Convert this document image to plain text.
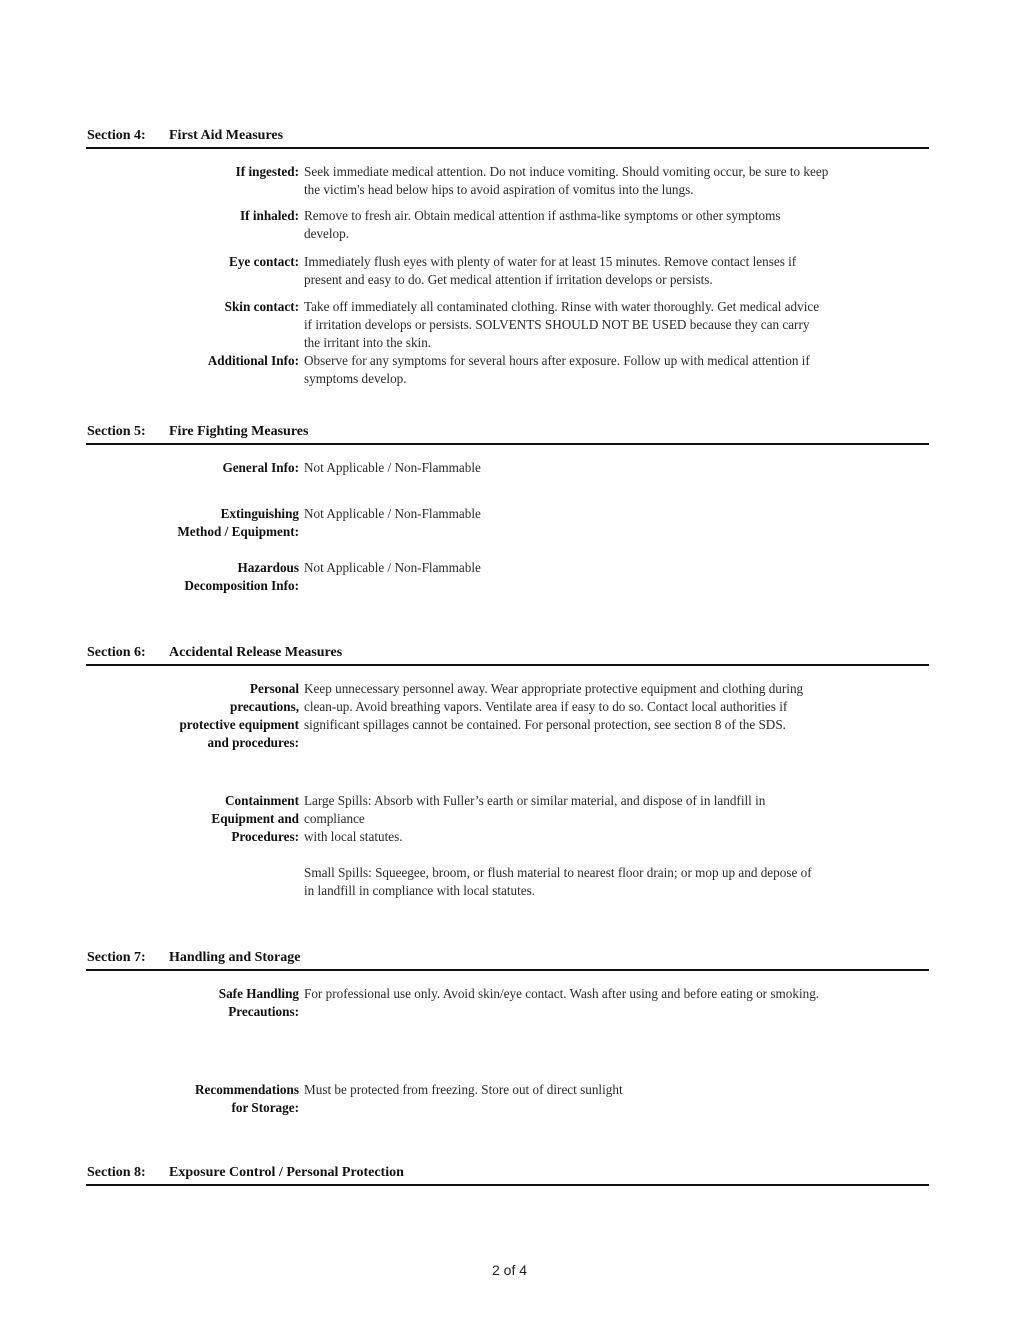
Section 4: First Aid Measures
If ingested: Seek immediate medical attention. Do not induce vomiting. Should vomiting occur, be sure to keep
the victim's head below hips to avoid aspiration of vomitus into the lungs.
If inhaled: Remove to fresh air. Obtain medical attention if asthma-like symptoms or other symptoms
develop.
Eye contact: Immediately flush eyes with plenty of water for at least 15 minutes. Remove contact lenses if
present and easy to do. Get medical attention if irritation develops or persists.
Skin contact: Take off immediately all contaminated clothing. Rinse with water thoroughly. Get medical advice
if irritation develops or persists. SOLVENTS SHOULD NOT BE USED because they can carry
the irritant into the skin.
Additional Info: Observe for any symptoms for several hours after exposure. Follow up with medical attention if
symptoms develop.
Section 5: Fire Fighting Measures
General Info: Not Applicable / Non-Flammable
Extinguishing
Method / Equipment:
Not Applicable / Non-Flammable
Hazardous
Decomposition Info:
Not Applicable / Non-Flammable
Section 6: Accidental Release Measures
Personal
precautions,
protective equipment
and procedures:
Keep unnecessary personnel away. Wear appropriate protective equipment and clothing during
clean-up. Avoid breathing vapors. Ventilate area if easy to do so. Contact local authorities if
significant spillages cannot be contained. For personal protection, see section 8 of the SDS.
Containment
Equipment and
Procedures:
Large Spills: Absorb with Fuller’s earth or similar material, and dispose of in landfill in
compliance
with local statutes.
Small Spills: Squeegee, broom, or flush material to nearest floor drain; or mop up and depose of
in landfill in compliance with local statutes.
Section 7: Handling and Storage
Safe Handling
Precautions:
For professional use only. Avoid skin/eye contact. Wash after using and before eating or smoking.
Recommendations
for Storage:
Must be protected from freezing. Store out of direct sunlight
Section 8: Exposure Control / Personal Protection
2 of 4
